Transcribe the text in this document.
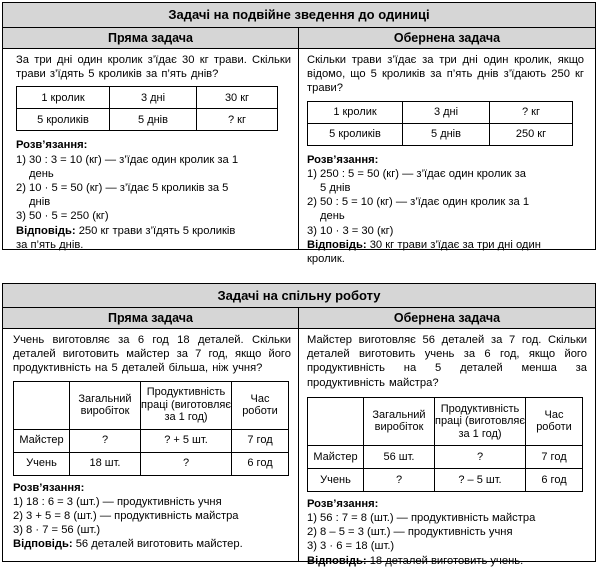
Задачі на подвійне зведення до одиниці
Пряма задача	Обернена задача

За три дні один кролик з’їдає 30 кг трави. Скільки трави з’їдять 5 кроликів за п’ять днів?

1 кролик	3 дні	30 кг
5 кроликів	5 днів	? кг

Розв’язання:

1) 30 : 3 = 10 (кг) — з’їдає один кролик за 1

день

2) 10 · 5 = 50 (кг) — з’їдає 5 кроликів за 5

днів

3) 50 · 5 = 250 (кг)

Відповідь: 250 кг трави з’їдять 5 кроликів

за п’ять днів.

Скільки трави з’їдає за три дні один кролик, якщо відомо, що 5 кроликів за п’ять днів з’їдають 250 кг трави?

1 кролик	3 дні	? кг
5 кроликів	5 днів	250 кг

Розв’язання:

1) 250 : 5 = 50 (кг) — з’їдає один кролик за

5 днів

2) 50 : 5 = 10 (кг) — з’їдає один кролик за 1

день

3) 10 · 3 = 30 (кг)

Відповідь: 30 кг трави з’їдає за три дні один

кролик.

Задачі на спільну роботу
Пряма задача	Обернена задача

Учень виготовляє за 6 год 18 деталей. Скільки деталей виготовить майстер за 7 год, якщо його продуктивність на 5 деталей більша, ніж учня?

	Загальний виробіток	Продуктивність праці (виготовляє за 1 год)	Час роботи
Майстер	?	? + 5 шт.	7 год
Учень	18 шт.	?	6 год

Розв’язання:

1) 18 : 6 = 3 (шт.) — продуктивність учня

2) 3 + 5 = 8 (шт.) — продуктивність майстра

3) 8 · 7 = 56 (шт.)

Відповідь: 56 деталей виготовить майстер.

Майстер виготовляє 56 деталей за 7 год. Скільки деталей виготовить учень за 6 год, якщо його продуктивність на 5 деталей менша за продуктивність майстра?

	Загальний виробіток	Продуктивність праці (виготовляє за 1 год)	Час роботи
Майстер	56 шт.	?	7 год
Учень	?	? – 5 шт.	6 год

Розв’язання:

1) 56 : 7 = 8 (шт.) — продуктивність майстра

2) 8 – 5 = 3 (шт.) — продуктивність учня

3) 3 · 6 = 18 (шт.)

Відповідь: 18 деталей виготовить учень.
